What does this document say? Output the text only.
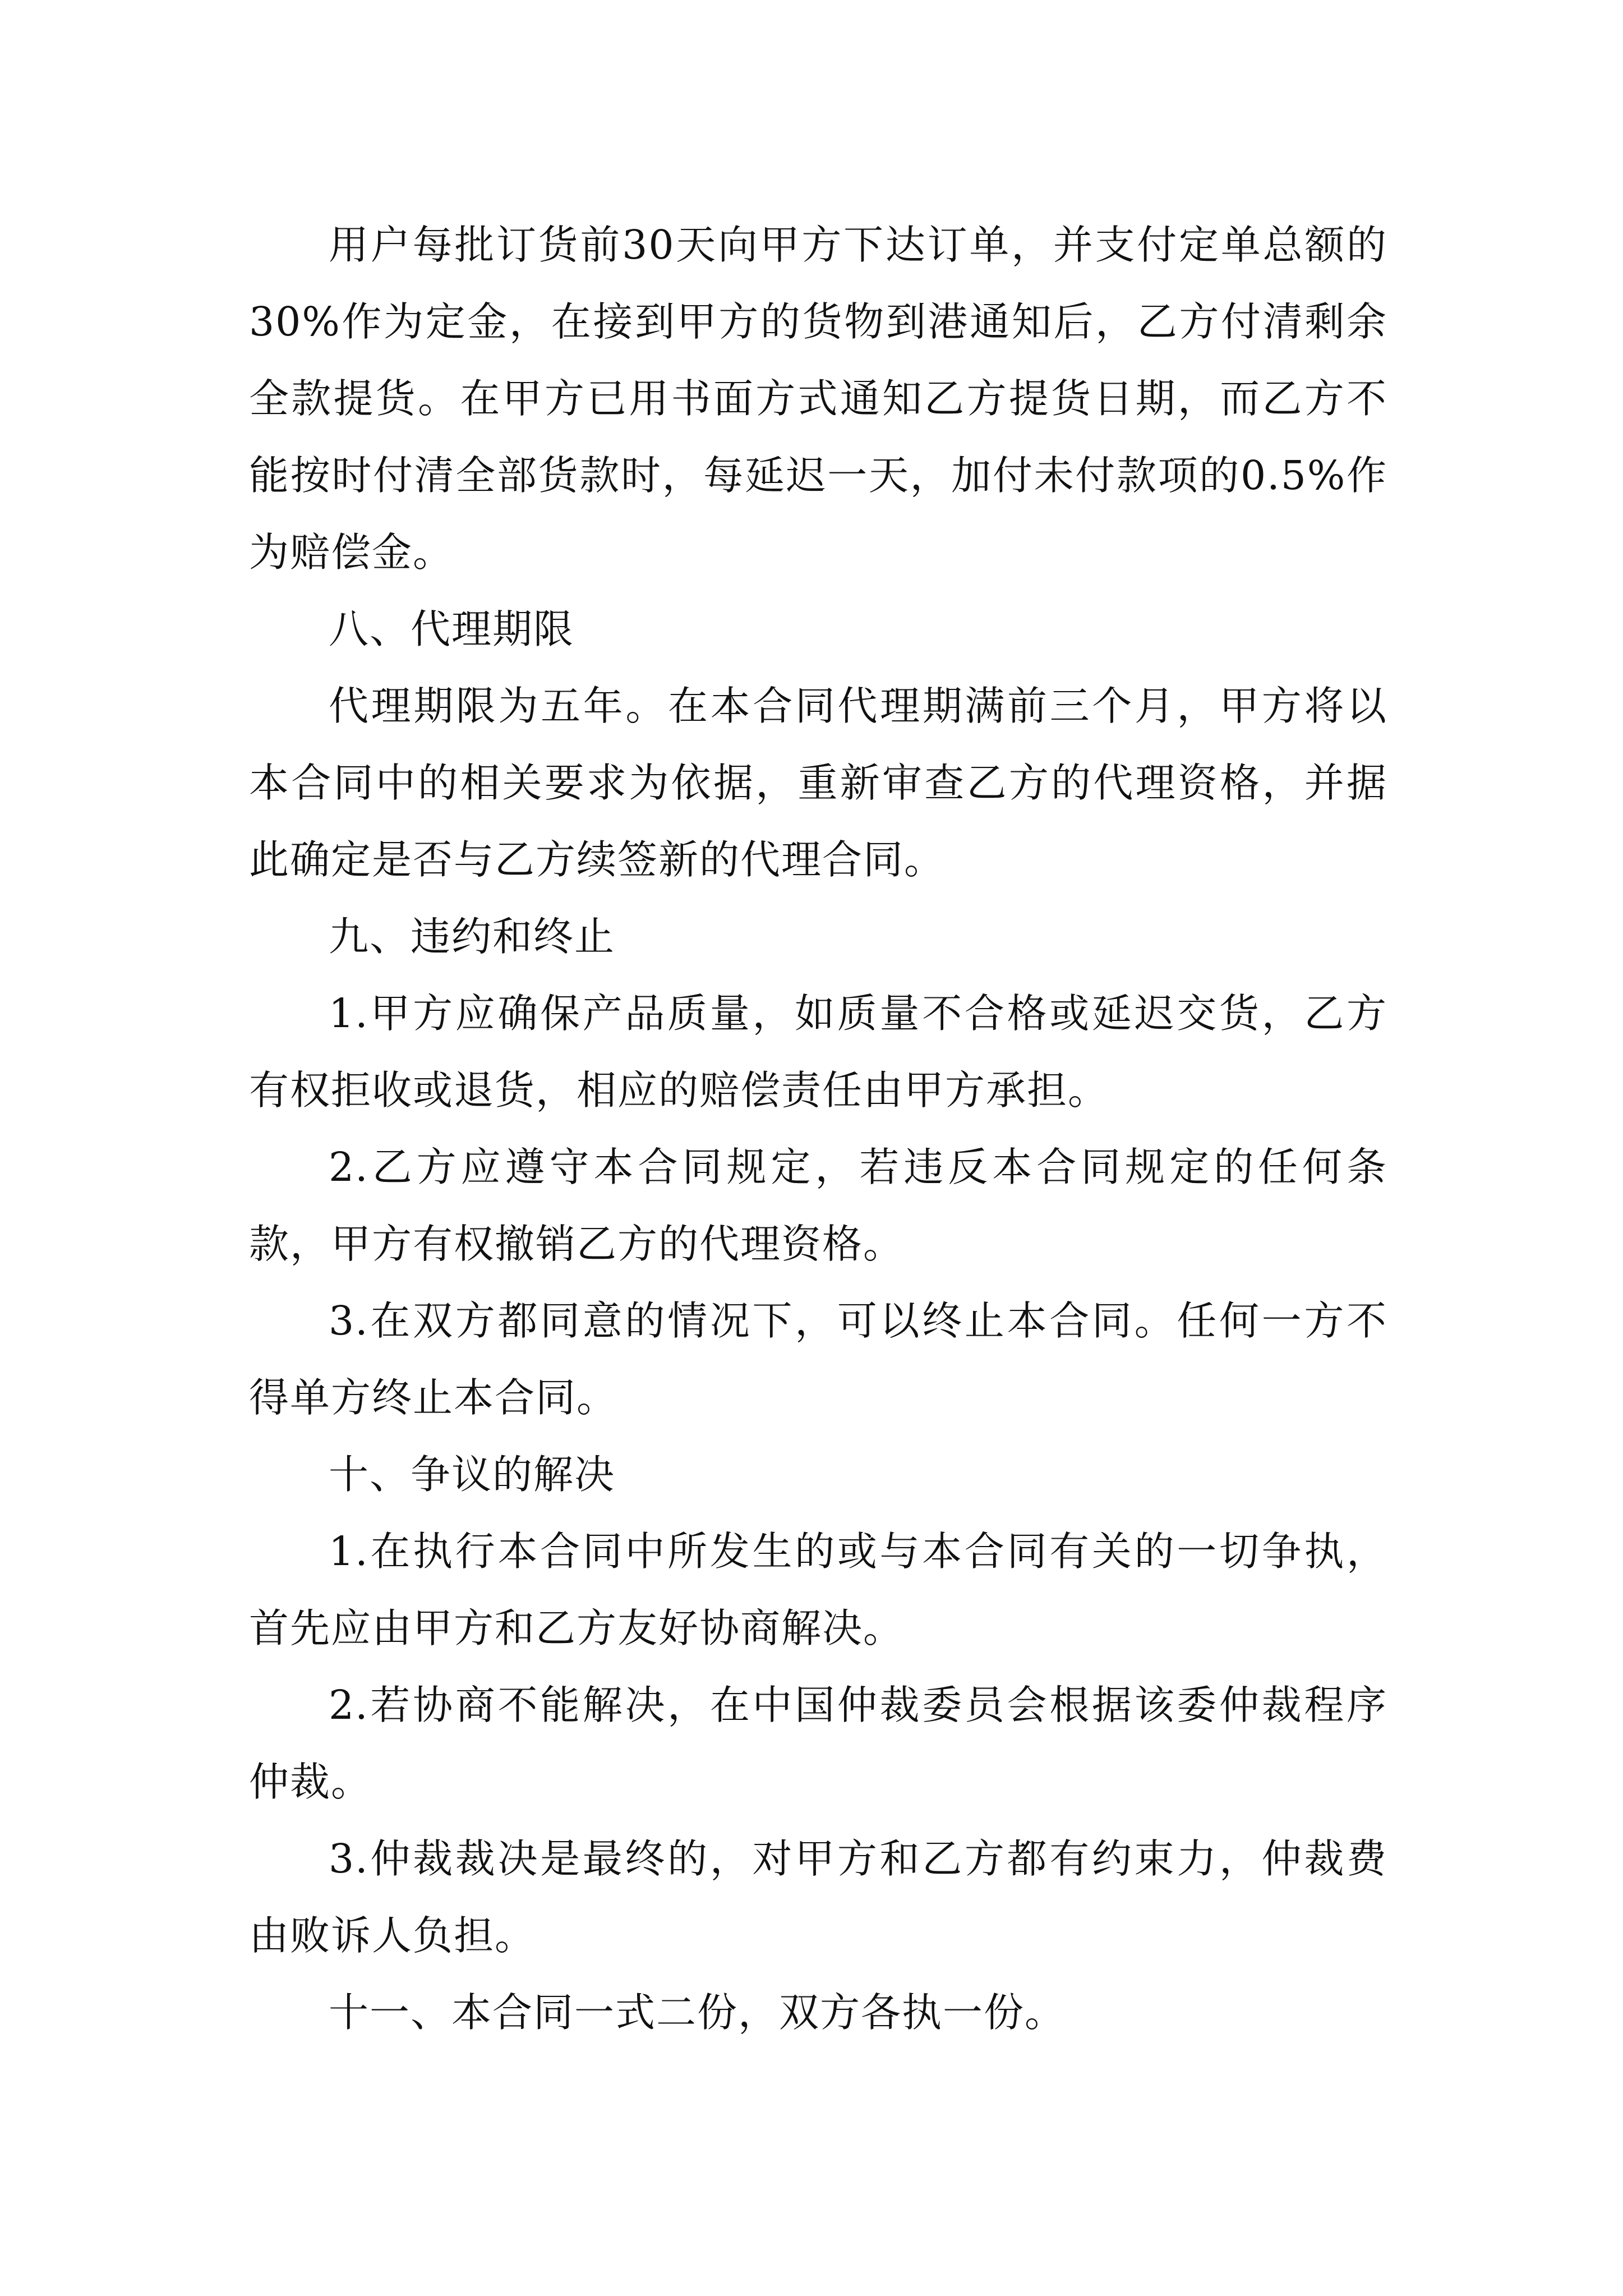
用户每批订货前30天向甲方下达订单，并支付定单总额的30%作为定金，在接到甲方的货物到港通知后，乙方付清剩余全款提货。在甲方已用书面方式通知乙方提货日期，而乙方不能按时付清全部货款时，每延迟一天，加付未付款项的0.5%作为赔偿金。

八、代理期限

代理期限为五年。在本合同代理期满前三个月，甲方将以本合同中的相关要求为依据，重新审查乙方的代理资格，并据此确定是否与乙方续签新的代理合同。

九、违约和终止

1.甲方应确保产品质量，如质量不合格或延迟交货，乙方有权拒收或退货，相应的赔偿责任由甲方承担。

2.乙方应遵守本合同规定，若违反本合同规定的任何条款，甲方有权撤销乙方的代理资格。

3.在双方都同意的情况下，可以终止本合同。任何一方不得单方终止本合同。

十、争议的解决

1.在执行本合同中所发生的或与本合同有关的一切争执，首先应由甲方和乙方友好协商解决。

2.若协商不能解决，在中国仲裁委员会根据该委仲裁程序仲裁。

3.仲裁裁决是最终的，对甲方和乙方都有约束力，仲裁费由败诉人负担。

十一、本合同一式二份，双方各执一份。
